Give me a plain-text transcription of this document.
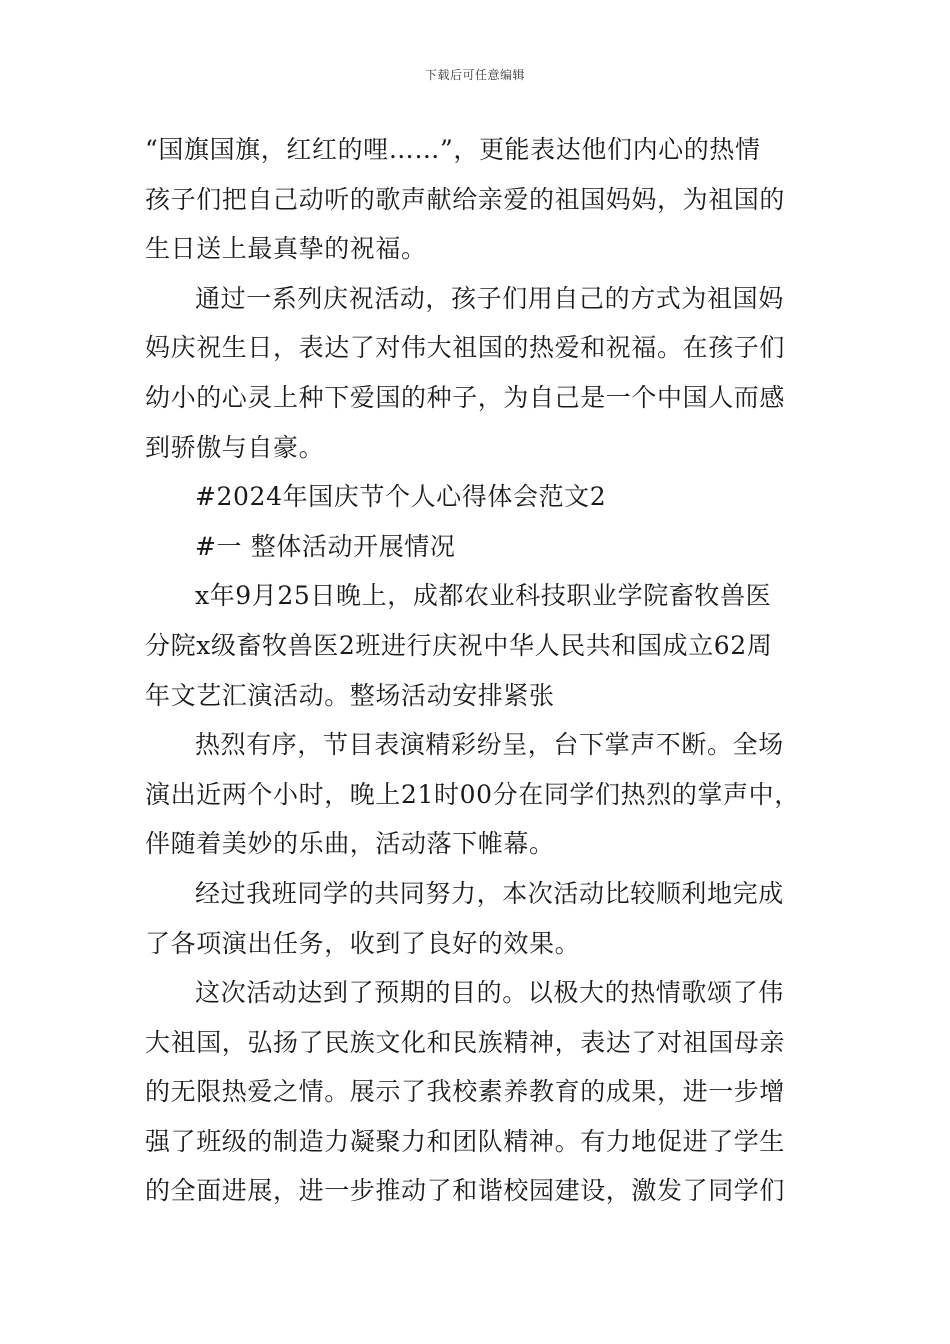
下载后可任意编辑

“国旗国旗，红红的哩……”，更能表达他们内心的热情

孩子们把自己动听的歌声献给亲爱的祖国妈妈，为祖国的

生日送上最真挚的祝福。

通过一系列庆祝活动，孩子们用自己的方式为祖国妈

妈庆祝生日，表达了对伟大祖国的热爱和祝福。在孩子们

幼小的心灵上种下爱国的种子，为自己是一个中国人而感

到骄傲与自豪。

#2024年国庆节个人心得体会范文2

#一 整体活动开展情况

x年9月25日晚上，成都农业科技职业学院畜牧兽医

分院x级畜牧兽医2班进行庆祝中华人民共和国成立62周

年文艺汇演活动。整场活动安排紧张

热烈有序，节目表演精彩纷呈，台下掌声不断。全场

演出近两个小时，晚上21时00分在同学们热烈的掌声中，

伴随着美妙的乐曲，活动落下帷幕。

经过我班同学的共同努力，本次活动比较顺利地完成

了各项演出任务，收到了良好的效果。

这次活动达到了预期的目的。以极大的热情歌颂了伟

大祖国，弘扬了民族文化和民族精神，表达了对祖国母亲

的无限热爱之情。展示了我校素养教育的成果，进一步增

强了班级的制造力凝聚力和团队精神。有力地促进了学生

的全面进展，进一步推动了和谐校园建设，激发了同学们
